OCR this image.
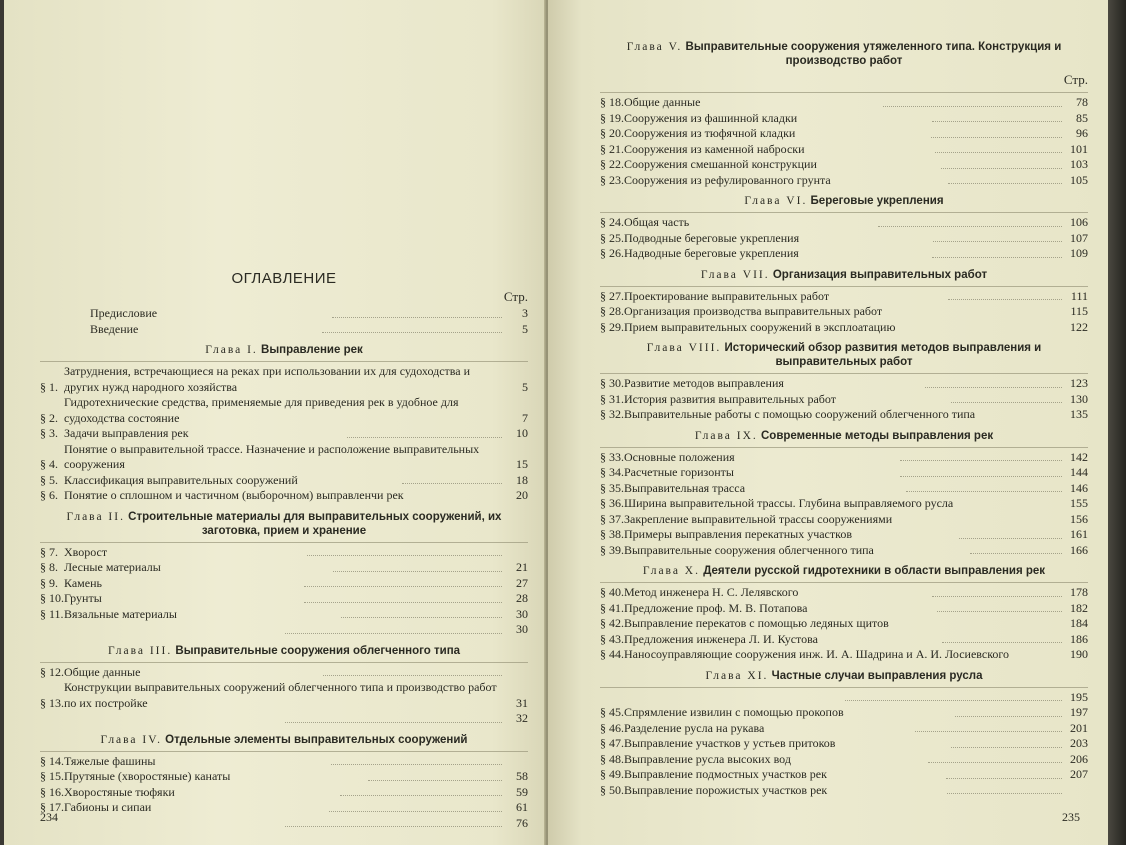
ОГЛАВЛЕНИЕ
Стр.
Предисловие	3
Введение	5
Глава I. Выправление рек
§ 1.
Затруднения, встречающиеся на реках при использовании их для судоходства и других нужд народного хозяйства	5
§ 2.
Гидротехнические средства, применяемые для приведения рек в удобное для судоходства состояние	7
§ 3. Задачи выправления рек	10
§ 4.
Понятие о выправительной трассе. Назначение и расположение выправительных сооружения	15
§ 5. Классификация выправительных сооружений	18
§ 6. Понятие о сплошном и частичном (выборочном) выправленчи рек	20
Глава II. Строительные материалы для выправительных сооружений, их заготовка, прием и хранение
§ 7. Хворост
§ 8. Лесные материалы	21
§ 9. Камень	27
§ 10. Грунты	28
§ 11. Вязальные материалы	30
30
Глава III. Выправительные сооружения облегченного типа
§ 12. Общие данные
§ 13.
Конструкции выправительных сооружений облегченного типа и производство работ по их постройке	31
32
Глава IV. Отдельные элементы выправительных сооружений
§ 14. Тяжелые фашины
§ 15. Прутяные (хворостяные) канаты	58
§ 16. Хворостяные тюфяки	59
§ 17. Габионы и сипаи	61
76
234
Глава V. Выправительные сооружения утяжеленного типа. Конструкция и производство работ
Стр.
§ 18. Общие данные	78
§ 19. Сооружения из фашинной кладки	85
§ 20. Сооружения из тюфячной кладки	96
§ 21. Сооружения из каменной наброски	101
§ 22. Сооружения смешанной конструкции	103
§ 23. Сооружения из рефулированного грунта	105
Глава VI. Береговые укрепления
§ 24. Общая часть	106
§ 25. Подводные береговые укрепления	107
§ 26. Надводные береговые укрепления	109
Глава VII. Организация выправительных работ
§ 27. Проектирование выправительных работ	111
§ 28. Организация производства выправительных работ	115
§ 29. Прием выправительных сооружений в эксплоатацию	122
Глава VIII. Исторический обзор развития методов выправления и выправительных работ
§ 30. Развитие методов выправления	123
§ 31. История развития выправительных работ	130
§ 32. Выправительные работы с помощью сооружений облегченного типа	135
Глава IX. Современные методы выправления рек
§ 33. Основные положения	142
§ 34. Расчетные горизонты	144
§ 35. Выправительная трасса	146
§ 36. Ширина выправительной трассы. Глубина выправляемого русла	155
§ 37. Закрепление выправительной трассы сооружениями	156
§ 38. Примеры выправления перекатных участков	161
§ 39. Выправительные сооружения облегченного типа	166
Глава X. Деятели русской гидротехники в области выправления рек
§ 40. Метод инженера Н. С. Лелявского	178
§ 41. Предложение проф. М. В. Потапова	182
§ 42. Выправление перекатов с помощью ледяных щитов	184
§ 43. Предложения инженера Л. И. Кустова	186
§ 44. Наносоуправляющие сооружения инж. И. А. Шадрина и А. И. Лосиевского	190
Глава XI. Частные случаи выправления русла
195
§ 45. Спрямление извилин с помощью прокопов	197
§ 46. Разделение русла на рукава	201
§ 47. Выправление участков у устьев притоков	203
§ 48. Выправление русла высоких вод	206
§ 49. Выправление подмостных участков рек	207
§ 50. Выправление порожистых участков рек
235
